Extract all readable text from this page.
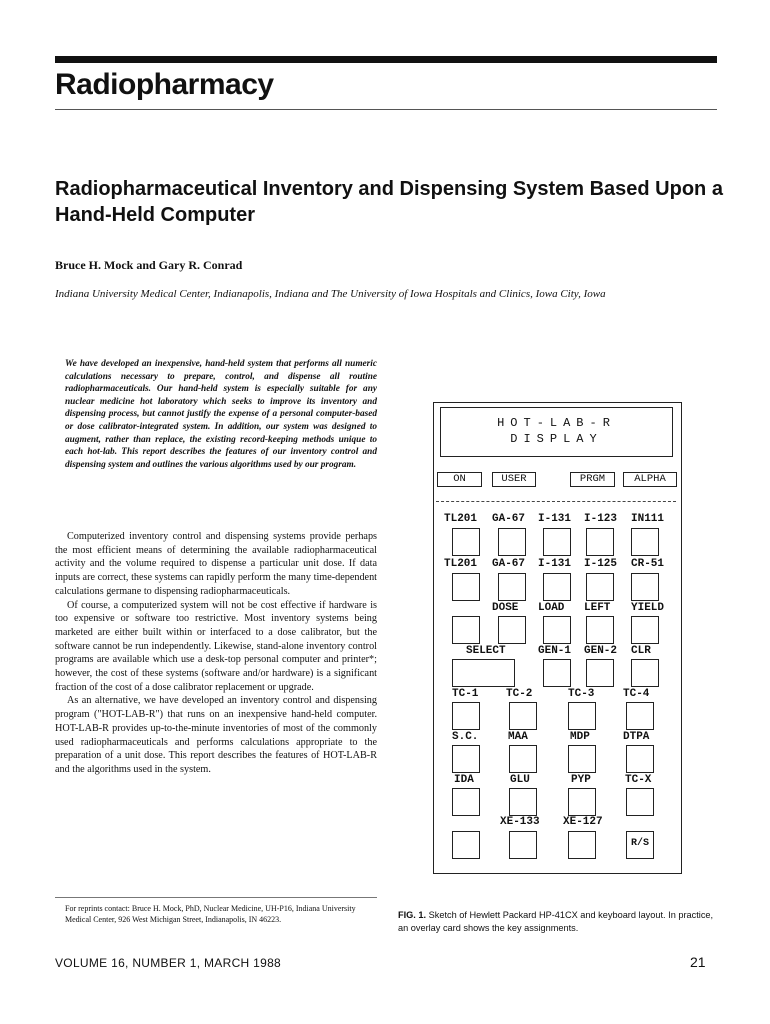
Radiopharmacy
Radiopharmaceutical Inventory and Dispensing System Based Upon a Hand-Held Computer
Bruce H. Mock and Gary R. Conrad
Indiana University Medical Center, Indianapolis, Indiana and The University of Iowa Hospitals and Clinics, Iowa City, Iowa

We have developed an inexpensive, hand-held system that performs all numeric calculations necessary to prepare, control, and dispense all routine radiopharmaceuticals. Our hand-held system is especially suitable for any nuclear medicine hot laboratory which seeks to improve its inventory and dispensing process, but cannot justify the expense of a personal computer-based or dose calibrator-integrated system. In addition, our system was designed to augment, rather than replace, the existing record-keeping methods unique to each hot-lab. This report describes the features of our inventory control and dispensing system and outlines the various algorithms used by our program.

Computerized inventory control and dispensing systems provide perhaps the most efficient means of determining the available radiopharmaceutical activity and the volume required to dispense a particular unit dose. If data inputs are correct, these systems can rapidly perform the many time-dependent calculations germane to dispensing radiopharmaceuticals.

Of course, a computerized system will not be cost effective if hardware is too expensive or software too restrictive. Most inventory systems being marketed are either built within or interfaced to a dose calibrator, but the software cannot be run independently. Likewise, stand-alone inventory control programs are available which use a desk-top personal computer and printer*; however, the cost of these systems (software and/or hardware) is a significant fraction of the cost of a dose calibrator replacement or upgrade.

As an alternative, we have developed an inventory control and dispensing program ("HOT-LAB-R") that runs on an inexpensive hand-held computer. HOT-LAB-R provides up-to-the-minute inventories of most of the commonly used radiopharmaceuticals and performs calculations appropriate to the preparation of a unit dose. This report describes the features of HOT-LAB-R and the algorithms used in the system.

For reprints contact: Bruce H. Mock, PhD, Nuclear Medicine, UH-P16, Indiana University Medical Center, 926 West Michigan Street, Indianapolis, IN 46223.
HOT-LAB-R
DISPLAY
ON	USER	PRGM	ALPHA
TL201 GA-67 I-131 I-123 IN111
TL201 GA-67 I-131 I-125 CR-51
DOSE LOAD LEFT YIELD
SELECT	GEN-1 GEN-2 CLR
TC-1	TC-2	TC-3	TC-4
S.C.	MAA	MDP	DTPA
IDA	GLU	PYP	TC-X
XE-133 XE-127
R/S
FIG. 1. Sketch of Hewlett Packard HP-41CX and keyboard layout. In practice, an overlay card shows the key assignments.
VOLUME 16, NUMBER 1, MARCH 1988	21
